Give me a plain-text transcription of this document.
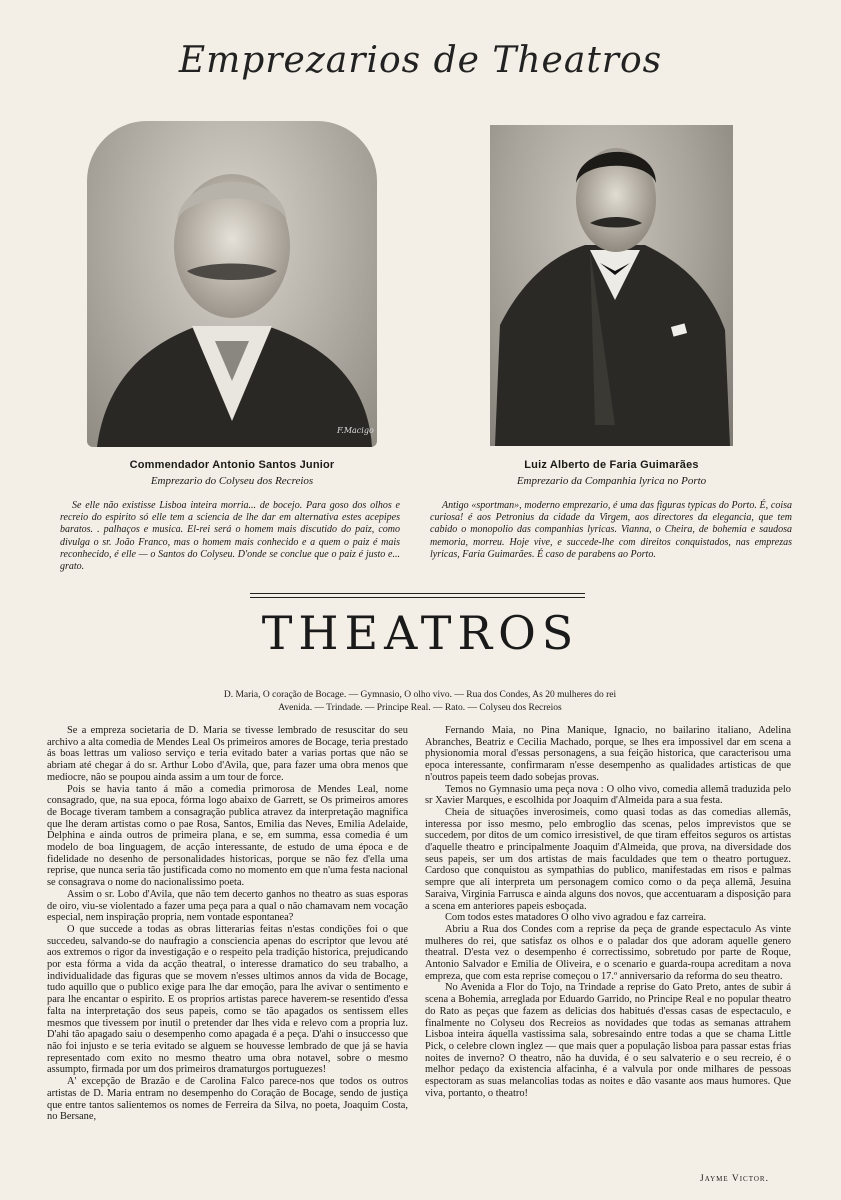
Emprezarios de Theatros
F.Macigo
Commendador Antonio Santos Junior
Emprezario do Colyseu dos Recreios
Se elle não existisse Lisboa inteira morria... de bocejo. Para goso dos olhos e recreio do espirito só elle tem a sciencia de lhe dar em alternativa estes acepipes baratos. . palhaços e musica. El-rei será o homem mais discutido do paiz, como divulga o sr. João Franco, mas o homem mais conhecido e a quem o paiz é mais reconhecido, é elle — o Santos do Colyseu. D'onde se conclue que o paiz é justo e... grato.
Luiz Alberto de Faria Guimarães
Emprezario da Companhia lyrica no Porto
Antigo «sportman», moderno emprezario, é uma das figuras typicas do Porto. É, coisa curiosa! é aos Petronius da cidade da Virgem, aos directores da elegancia, que tem cabido o monopolio das companhias lyricas. Vianna, o Cheira, de bohemia e saudosa memoria, morreu. Hoje vive, e succede-lhe com direitos conquistados, nas emprezas lyricas, Faria Guimarães. É caso de parabens ao Porto.
THEATROS
D. Maria, O coração de Bocage. — Gymnasio, O olho vivo. — Rua dos Condes, As 20 mulheres do rei
Avenida. — Trindade. — Principe Real. — Rato. — Colyseu dos Recreios

Se a empreza societaria de D. Maria se tivesse lembrado de resuscitar do seu archivo a alta comedia de Mendes Leal Os primeiros amores de Bocage, teria prestado ás boas lettras um valioso serviço e teria evitado bater a varias portas que não se abriam até chegar á do sr. Arthur Lobo d'Avila, que, para fazer uma obra menos que mediocre, não se poupou ainda assim a um tour de force.

Pois se havia tanto á mão a comedia primorosa de Mendes Leal, nome consagrado, que, na sua epoca, fórma logo abaixo de Garrett, se Os primeiros amores de Bocage tiveram tambem a consagração publica atravez da interpretação magnifica que lhe deram artistas como o pae Rosa, Santos, Emilia das Neves, Emilia Adelaide, Delphina e ainda outros de primeira plana, e se, em summa, essa comedia é um modelo de boa linguagem, de acção interessante, de estudo de uma época e de fidelidade no desenho de personalidades historicas, porque se não fez d'ella uma reprise, que nunca seria tão justificada como no momento em que n'uma festa nacional se consagrava o nome do nacionalissimo poeta.

Assim o sr. Lobo d'Avila, que não tem decerto ganhos no theatro as suas esporas de oiro, viu-se violentado a fazer uma peça para a qual o não chamavam nem vocação especial, nem inspiração propria, nem vontade espontanea?

O que succede a todas as obras litterarias feitas n'estas condições foi o que succedeu, salvando-se do naufragio a consciencia apenas do escriptor que levou até aos extremos o rigor da investigação e o respeito pela tradição historica, prejudicando por esta fórma a vida da acção theatral, o interesse dramatico do seu trabalho, a individualidade das figuras que se movem n'esses ultimos annos da vida de Bocage, tudo aquillo que o publico exige para lhe dar emoção, para lhe avivar o sentimento e para lhe encantar o espirito. E os proprios artistas parece haverem-se resentido d'essa falta na interpretação dos seus papeis, como se tão apagados os sentissem elles mesmos que tivessem por inutil o pretender dar lhes vida e relevo com a propria luz. D'ahi tão apagado saiu o desempenho como apagada é a peça. D'ahi o insuccesso que não foi injusto e se teria evitado se alguem se houvesse lembrado de que já se havia representado com exito no mesmo theatro uma obra notavel, sobre o mesmo assumpto, firmada por um dos primeiros dramaturgos portuguezes!

A' excepção de Brazão e de Carolina Falco parece-nos que todos os outros artistas de D. Maria entram no desempenho do Coração de Bocage, sendo de justiça que entre tantos salientemos os nomes de Ferreira da Silva, no poeta, Joaquim Costa, no Bersane,

Fernando Maia, no Pina Manique, Ignacio, no bailarino italiano, Adelina Abranches, Beatriz e Cecilia Machado, porque, se lhes era impossivel dar em scena a physionomia moral d'essas personagens, a sua feição historica, que caracterisou uma epoca interessante, confirmaram n'esse desempenho as qualidades artisticas de que n'outros papeis teem dado sobejas provas.

Temos no Gymnasio uma peça nova : O olho vivo, comedia allemã traduzida pelo sr Xavier Marques, e escolhida por Joaquim d'Almeida para a sua festa.

Cheia de situações inverosimeis, como quasi todas as das comedias allemãs, interessa por isso mesmo, pelo embroglio das scenas, pelos imprevistos que se succedem, por ditos de um comico irresistivel, de que tiram effeitos seguros os artistas d'aquelle theatro e principalmente Joaquim d'Almeida, que prova, na diversidade dos seus papeis, ser um dos artistas de mais faculdades que tem o theatro portuguez. Cardoso que conquistou as sympathias do publico, manifestadas em risos e palmas sempre que ali interpreta um personagem comico como o da peça allemã, Jesuina Saraiva, Virginia Farrusca e ainda alguns dos novos, que accentuaram a disposição para a scena em anteriores papeis esboçada.

Com todos estes matadores O olho vivo agradou e faz carreira.

Abriu a Rua dos Condes com a reprise da peça de grande espectaculo As vinte mulheres do rei, que satisfaz os olhos e o paladar dos que adoram aquelle genero theatral. D'esta vez o desempenho é correctissimo, sobretudo por parte de Roque, Antonio Salvador e Emilia de Oliveira, e o scenario e guarda-roupa acreditam a nova empreza, que com esta reprise começou o 17.º anniversario da reforma do seu theatro.

No Avenida a Flor do Tojo, na Trindade a reprise do Gato Preto, antes de subir á scena a Bohemia, arreglada por Eduardo Garrido, no Principe Real e no popular theatro do Rato as peças que fazem as delicias dos habitués d'essas casas de espectaculo, e finalmente no Colyseu dos Recreios as novidades que todas as semanas attrahem Lisboa inteira áquella vastissima sala, sobresaindo entre todas a que se chama Little Pick, o celebre clown inglez — que mais quer a população lisboa para passar estas frias noites de inverno? O theatro, não ha duvida, é o seu salvaterio e o seu recreio, é o melhor pedaço da existencia alfacinha, é a valvula por onde milhares de pessoas espectoram as suas melancolias todas as noites e dão vasante aos maus humores. Que viva, portanto, o theatro!

Jayme Victor.
